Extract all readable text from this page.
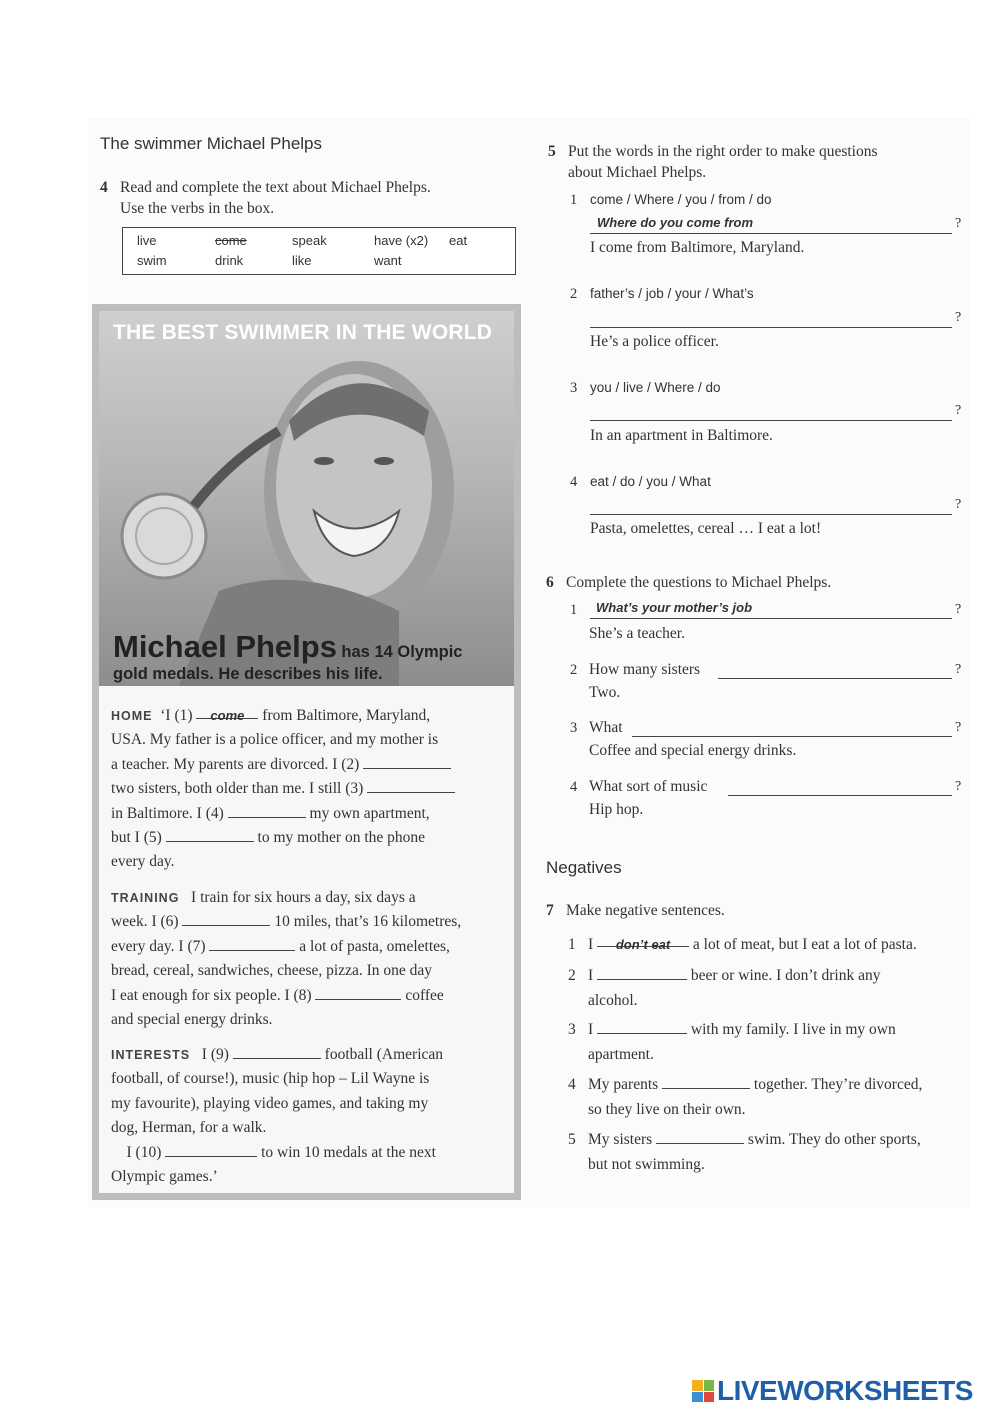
The swimmer Michael Phelps
4 Read and complete the text about Michael Phelps.
Use the verbs in the box.
live	come	speak	have (x2) eat
swim	drink	like	want
THE BEST SWIMMER IN THE WORLD
Michael Phelps has 14 Olympic
gold medals. He describes his life.
HOME ‘I (1) come from Baltimore, Maryland,
USA. My father is a police officer, and my mother is
a teacher. My parents are divorced. I (2)
two sisters, both older than me. I still (3)
in Baltimore. I (4)	my own apartment,
but I (5)	to my mother on the phone
every day.
TRAINING I train for six hours a day, six days a
week. I (6)	10 miles, that’s 16 kilometres,
every day. I (7)	a lot of pasta, omelettes,
bread, cereal, sandwiches, cheese, pizza. In one day
I eat enough for six people. I (8)	coffee
and special energy drinks.
INTERESTS I (9)	football (American
football, of course!), music (hip hop – Lil Wayne is
my favourite), playing video games, and taking my
dog, Herman, for a walk.
I (10)	to win 10 medals at the next
Olympic games.’
5 Put the words in the right order to make questions
about Michael Phelps.
1 come / Where / you / from / do
Where do you come from	?
I come from Baltimore, Maryland.
2 father’s / job / your / What’s
?
He’s a police officer.
3 you / live / Where / do
?
In an apartment in Baltimore.
4 eat / do / you / What
?
Pasta, omelettes, cereal … I eat a lot!
6 Complete the questions to Michael Phelps.
1 What’s your mother’s job	?
She’s a teacher.
2 How many sisters	?
Two.
3 What	?
Coffee and special energy drinks.
4 What sort of music	?
Hip hop.
Negatives
7 Make negative sentences.
1 I don’t eat a lot of meat, but I eat a lot of pasta.
2 I	beer or wine. I don’t drink any
alcohol.
3 I	with my family. I live in my own
apartment.
4 My parents	together. They’re divorced,
so they live on their own.
5 My sisters	swim. They do other sports,
but not swimming.
LIVEWORKSHEETS
